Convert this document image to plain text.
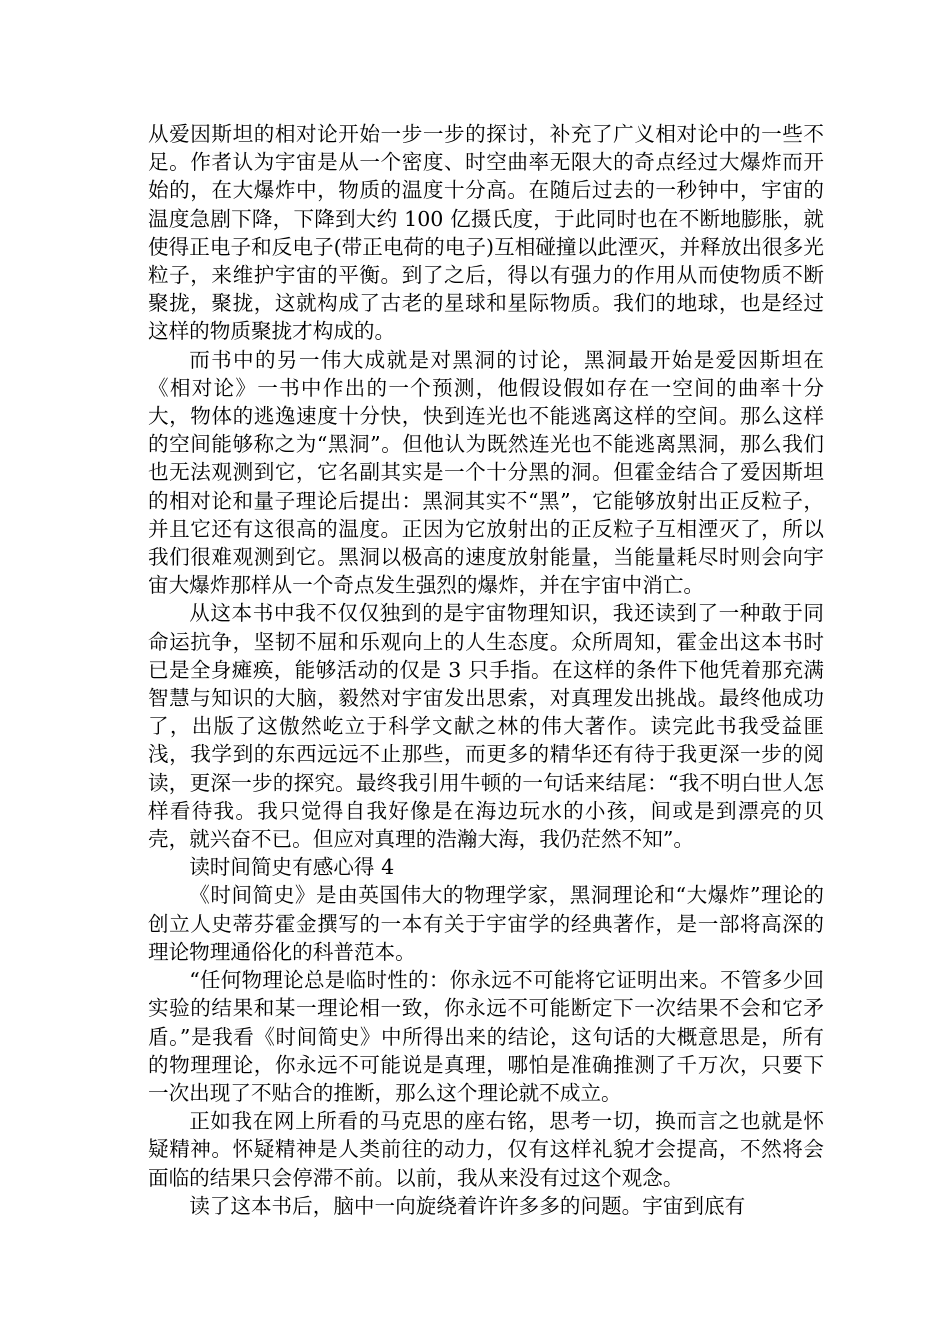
从爱因斯坦的相对论开始一步一步的探讨，补充了广义相对论中的一些不足。作者认为宇宙是从一个密度、时空曲率无限大的奇点经过大爆炸而开始的，在大爆炸中，物质的温度十分高。在随后过去的一秒钟中，宇宙的温度急剧下降，下降到大约 100 亿摄氏度，于此同时也在不断地膨胀，就使得正电子和反电子(带正电荷的电子)互相碰撞以此湮灭，并释放出很多光粒子，来维护宇宙的平衡。到了之后，得以有强力的作用从而使物质不断聚拢，聚拢，这就构成了古老的星球和星际物质。我们的地球，也是经过这样的物质聚拢才构成的。

而书中的另一伟大成就是对黑洞的讨论，黑洞最开始是爱因斯坦在《相对论》一书中作出的一个预测，他假设假如存在一空间的曲率十分大，物体的逃逸速度十分快，快到连光也不能逃离这样的空间。那么这样的空间能够称之为“黑洞”。但他认为既然连光也不能逃离黑洞，那么我们也无法观测到它，它名副其实是一个十分黑的洞。但霍金结合了爱因斯坦的相对论和量子理论后提出：黑洞其实不“黑”，它能够放射出正反粒子，并且它还有这很高的温度。正因为它放射出的正反粒子互相湮灭了，所以我们很难观测到它。黑洞以极高的速度放射能量，当能量耗尽时则会向宇宙大爆炸那样从一个奇点发生强烈的爆炸，并在宇宙中消亡。

从这本书中我不仅仅独到的是宇宙物理知识，我还读到了一种敢于同命运抗争，坚韧不屈和乐观向上的人生态度。众所周知，霍金出这本书时已是全身瘫痪，能够活动的仅是 3 只手指。在这样的条件下他凭着那充满智慧与知识的大脑，毅然对宇宙发出思索，对真理发出挑战。最终他成功了，出版了这傲然屹立于科学文献之林的伟大著作。读完此书我受益匪浅，我学到的东西远远不止那些，而更多的精华还有待于我更深一步的阅读，更深一步的探究。最终我引用牛顿的一句话来结尾：“我不明白世人怎样看待我。我只觉得自我好像是在海边玩水的小孩，间或是到漂亮的贝壳，就兴奋不已。但应对真理的浩瀚大海，我仍茫然不知”。

读时间简史有感心得 4

《时间简史》是由英国伟大的物理学家，黑洞理论和“大爆炸”理论的创立人史蒂芬霍金撰写的一本有关于宇宙学的经典著作，是一部将高深的理论物理通俗化的科普范本。

“任何物理论总是临时性的：你永远不可能将它证明出来。不管多少回实验的结果和某一理论相一致，你永远不可能断定下一次结果不会和它矛盾。”是我看《时间简史》中所得出来的结论，这句话的大概意思是，所有的物理理论，你永远不可能说是真理，哪怕是准确推测了千万次，只要下一次出现了不贴合的推断，那么这个理论就不成立。

正如我在网上所看的马克思的座右铭，思考一切，换而言之也就是怀疑精神。怀疑精神是人类前往的动力，仅有这样礼貌才会提高，不然将会面临的结果只会停滞不前。以前，我从来没有过这个观念。

读了这本书后，脑中一向旋绕着许许多多的问题。宇宙到底有
